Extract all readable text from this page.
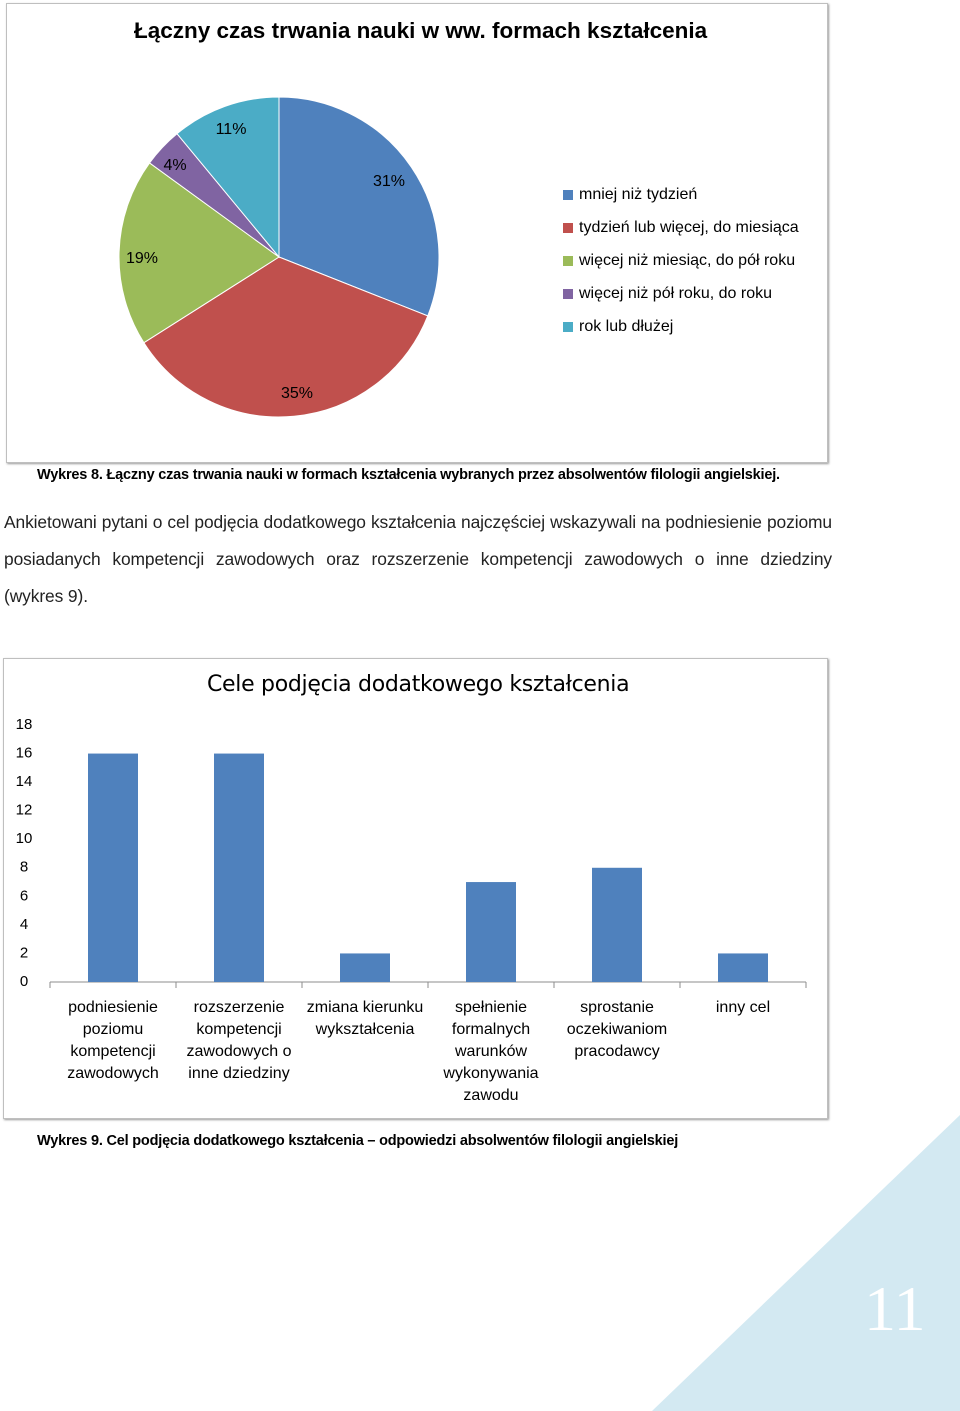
11
Łączny czas trwania nauki w ww. formach kształcenia
31%
35%
19%
4%
11%
mniej niż tydzień
tydzień lub więcej, do miesiąca
więcej niż miesiąc, do pół roku
więcej niż pół roku, do roku
rok lub dłużej
Wykres 8. Łączny czas trwania nauki w formach kształcenia wybranych przez absolwentów filologii angielskiej.
Ankietowani pytani o cel podjęcia dodatkowego kształcenia najczęściej wskazywali na podniesienie poziomu posiadanych kompetencji zawodowych oraz rozszerzenie kompetencji zawodowych o inne dziedziny (wykres 9).
Cele podjęcia dodatkowego kształcenia
0
2
4
6
8
10
12
14
16
18
podniesienie
poziomu
kompetencji
zawodowych
rozszerzenie
kompetencji
zawodowych o
inne dziedziny
zmiana kierunku
wykształcenia
spełnienie
formalnych
warunków
wykonywania
zawodu
sprostanie
oczekiwaniom
pracodawcy
inny cel
Wykres 9. Cel podjęcia dodatkowego kształcenia – odpowiedzi absolwentów filologii angielskiej
